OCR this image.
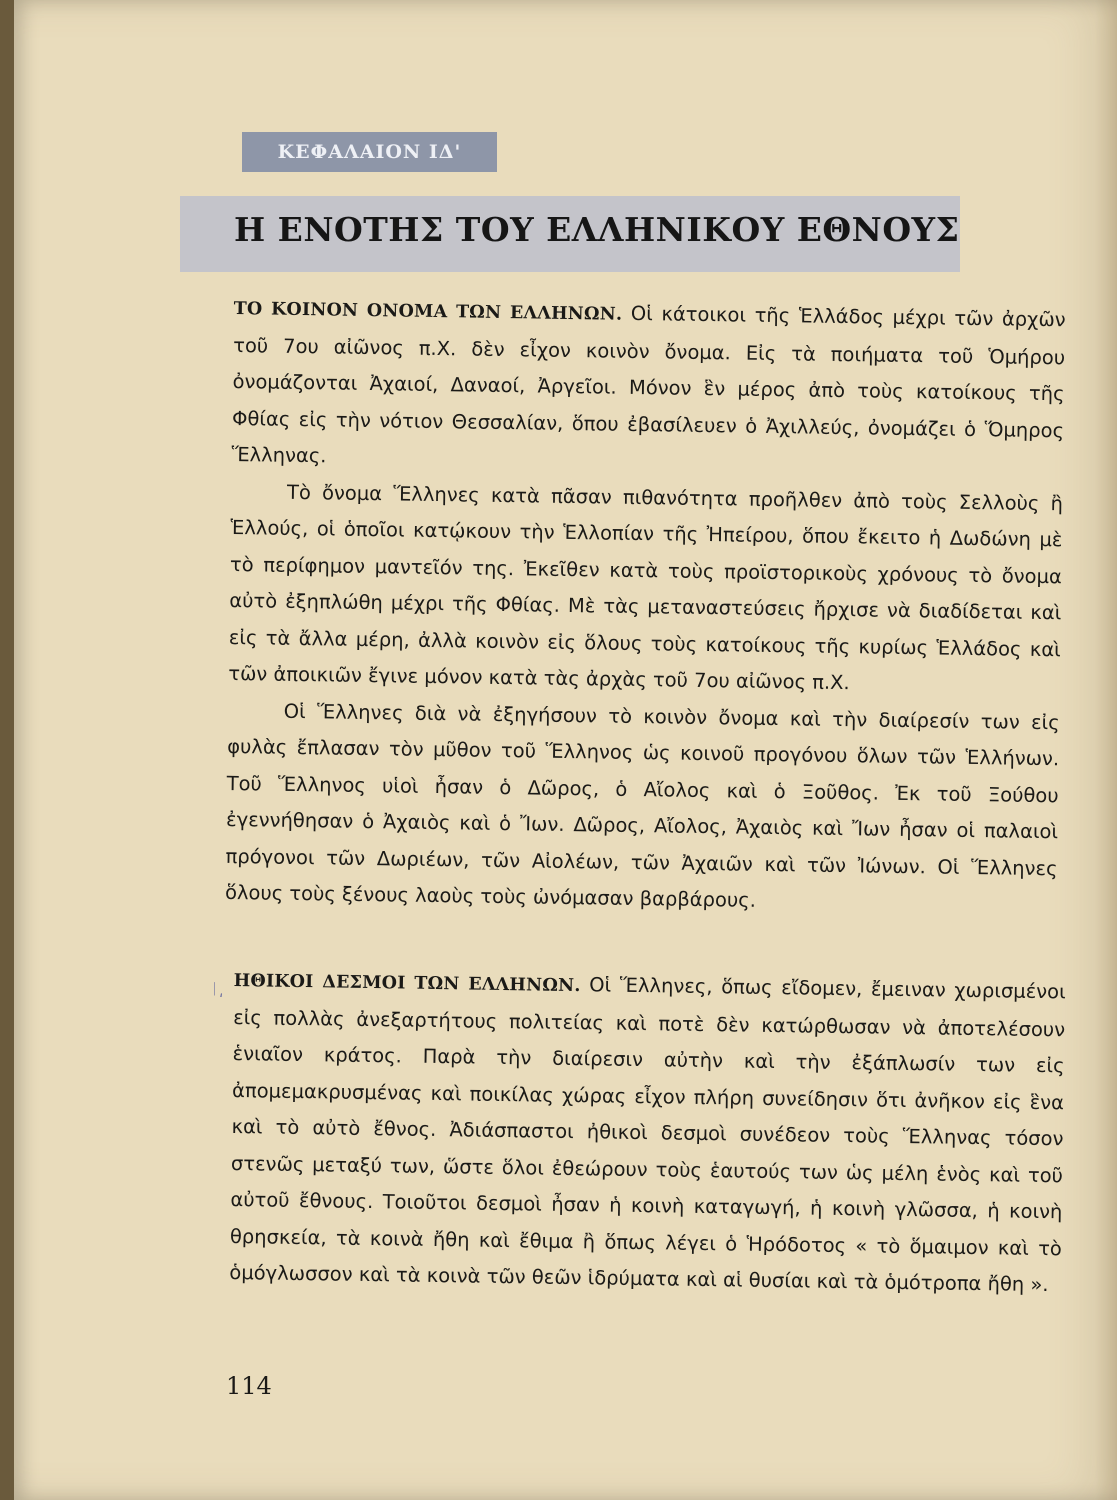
ΚΕΦΑΛΑΙΟΝ ΙΔ'
Η ΕΝΟΤΗΣ ΤΟΥ ΕΛΛΗΝΙΚΟΥ ΕΘΝΟΥΣ

ΤΟ ΚΟΙΝΟΝ ΟΝΟΜΑ ΤΩΝ ΕΛΛΗΝΩΝ. Οἱ κάτοικοι τῆς Ἑλλάδος μέχρι τῶν ἀρχῶν τοῦ 7ου αἰῶνος π.Χ. δὲν εἶχον κοινὸν ὄνομα. Εἰς τὰ ποιήματα τοῦ Ὁμήρου ὀνομάζονται Ἀχαιοί, Δαναοί, Ἀργεῖοι. Μόνον ἓν μέρος ἀπὸ τοὺς κατοίκους τῆς Φθίας εἰς τὴν νότιον Θεσσαλίαν, ὅπου ἐβασίλευεν ὁ Ἀχιλλεύς, ὀνομάζει ὁ Ὅμηρος Ἕλληνας.

Τὸ ὄνομα Ἕλληνες κατὰ πᾶσαν πιθανότητα προῆλθεν ἀπὸ τοὺς Σελλοὺς ἢ Ἑλλούς, οἱ ὁποῖοι κατῴκουν τὴν Ἑλλοπίαν τῆς Ἠπείρου, ὅπου ἔκειτο ἡ Δωδώνη μὲ τὸ περίφημον μαντεῖόν της. Ἐκεῖθεν κατὰ τοὺς προϊστορικοὺς χρόνους τὸ ὄνομα αὐτὸ ἐξηπλώθη μέχρι τῆς Φθίας. Μὲ τὰς μεταναστεύσεις ἤρχισε νὰ διαδίδεται καὶ εἰς τὰ ἄλλα μέρη, ἀλλὰ κοινὸν εἰς ὅλους τοὺς κατοίκους τῆς κυρίως Ἑλλάδος καὶ τῶν ἀποικιῶν ἔγινε μόνον κατὰ τὰς ἀρχὰς τοῦ 7ου αἰῶνος π.Χ.

Οἱ Ἕλληνες διὰ νὰ ἐξηγήσουν τὸ κοινὸν ὄνομα καὶ τὴν διαίρεσίν των εἰς φυλὰς ἔπλασαν τὸν μῦθον τοῦ Ἕλληνος ὡς κοινοῦ προγόνου ὅλων τῶν Ἑλλήνων. Τοῦ Ἕλληνος υἱοὶ ἦσαν ὁ Δῶρος, ὁ Αἴολος καὶ ὁ Ξοῦθος. Ἐκ τοῦ Ξούθου ἐγεννήθησαν ὁ Ἀχαιὸς καὶ ὁ Ἴων. Δῶρος, Αἴολος, Ἀχαιὸς καὶ Ἴων ἦσαν οἱ παλαιοὶ πρόγονοι τῶν Δωριέων, τῶν Αἰολέων, τῶν Ἀχαιῶν καὶ τῶν Ἰώνων. Οἱ Ἕλληνες ὅλους τοὺς ξένους λαοὺς τοὺς ὠνόμασαν βαρβάρους.

ᛁ͵ ΗΘΙΚΟΙ ΔΕΣΜΟΙ ΤΩΝ ΕΛΛΗΝΩΝ. Οἱ Ἕλληνες, ὅπως εἴδομεν, ἔμειναν χωρισμένοι εἰς πολλὰς ἀνεξαρτήτους πολιτείας καὶ ποτὲ δὲν κατώρθωσαν νὰ ἀποτελέσουν ἑνιαῖον κράτος. Παρὰ τὴν διαίρεσιν αὐτὴν καὶ τὴν ἐξάπλωσίν των εἰς ἀπομεμακρυσμένας καὶ ποικίλας χώρας εἶχον πλήρη συνείδησιν ὅτι ἀνῆκον εἰς ἓνα καὶ τὸ αὐτὸ ἔθνος. Ἀδιάσπαστοι ἠθικοὶ δεσμοὶ συνέδεον τοὺς Ἕλληνας τόσον στενῶς μεταξύ των, ὥστε ὅλοι ἐθεώρουν τοὺς ἑαυτούς των ὡς μέλη ἑνὸς καὶ τοῦ αὐτοῦ ἔθνους. Τοιοῦτοι δεσμοὶ ἦσαν ἡ κοινὴ καταγωγή, ἡ κοινὴ γλῶσσα, ἡ κοινὴ θρησκεία, τὰ κοινὰ ἤθη καὶ ἔθιμα ἢ ὅπως λέγει ὁ Ἡρόδοτος « τὸ ὅμαιμον καὶ τὸ ὁμόγλωσσον καὶ τὰ κοινὰ τῶν θεῶν ἱδρύματα καὶ αἱ θυσίαι καὶ τὰ ὁμότροπα ἤθη ».

114
